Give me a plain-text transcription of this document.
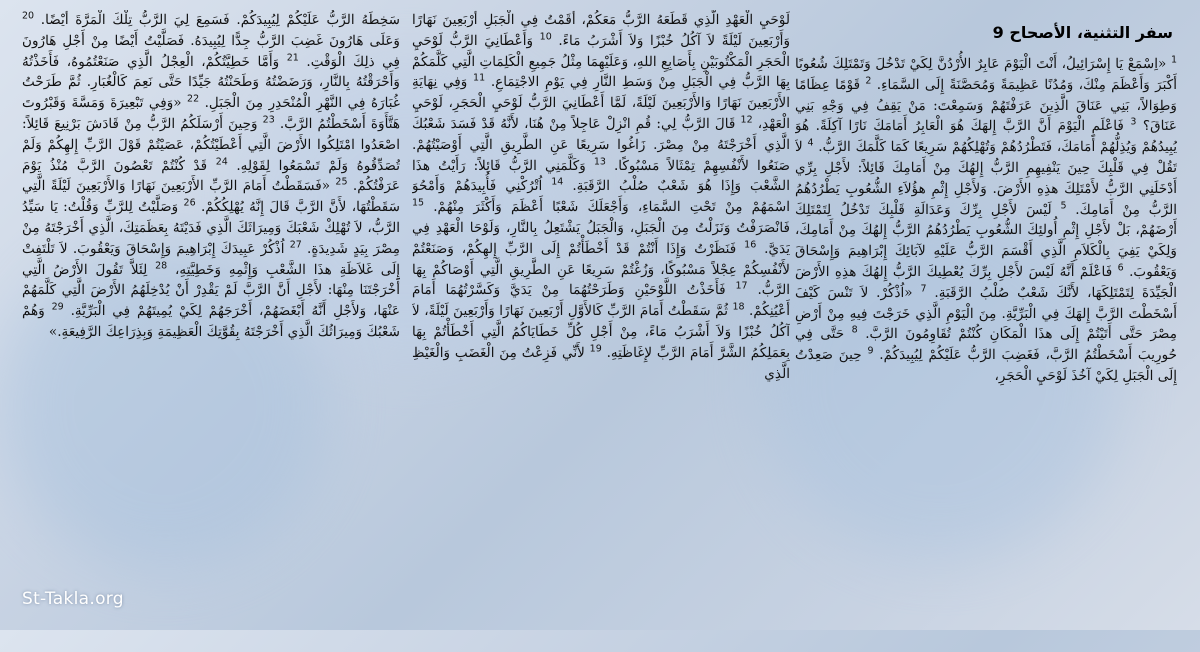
سفر التثنية، الأصحاح 9
$^1$ «اِسْمَعْ يَا إِسْرَائِيلُ، أَنْتَ الْيَوْمَ عَابِرٌ الأُرْدُنَّ لِكَيْ تَدْخُلَ وَتَمْتَلِكَ شُعُوبًا أَكْبَرَ وَأَعْظَمَ مِنْكَ، وَمُدُنًا عَظِيمَةً وَمُحَصَّنَةً إِلَى السَّمَاءِ. $^2$ قَوْمًا عِظَامًا وَطِوَالاً، بَنِي عَنَاقَ الَّذِينَ عَرَفْتَهُمْ وَسَمِعْتَ: مَنْ يَقِفُ فِي وَجْهِ بَنِي عَنَاقَ؟ $^3$ فَاعْلَمِ الْيَوْمَ أَنَّ الرَّبَّ إِلهَكَ هُوَ الْعَابِرُ أَمَامَكَ نَارًا آكِلَةً. هُوَ يُبِيدُهُمْ وَيُذِلُّهُمْ أَمَامَكَ، فَتَطْرُدُهُمْ وَتُهْلِكُهُمْ سَرِيعًا كَمَا كَلَّمَكَ الرَّبُّ. $^4$ لاَ تَقُلْ فِي قَلْبِكَ حِينَ يَنْفِيهِمِ الرَّبُّ إِلهُكَ مِنْ أَمَامِكَ قَائِلاً: لأَجْلِ بِرِّي أَدْخَلَنِي الرَّبُّ لأَمْتَلِكَ هذِهِ الأَرْضَ. وَلأَجْلِ إِثْمِ هؤُلاَءِ الشُّعُوبِ يَطْرُدُهُمُ الرَّبُّ مِنْ أَمَامِكَ. $^5$ لَيْسَ لأَجْلِ بِرِّكَ وَعَدَالَةِ قَلْبِكَ تَدْخُلُ لِتَمْتَلِكَ أَرْضَهُمْ، بَلْ لأَجْلِ إِثْمِ أُولئِكَ الشُّعُوبِ يَطْرُدُهُمُ الرَّبُّ إِلهُكَ مِنْ أَمَامِكَ، وَلِكَيْ يَفِيَ بِالْكَلاَمِ الَّذِي أَقْسَمَ الرَّبُّ عَلَيْهِ لآبَائِكَ إِبْرَاهِيمَ وَإِسْحَاقَ وَيَعْقُوبَ. $^6$ فَاعْلَمْ أَنَّهُ لَيْسَ لأَجْلِ بِرِّكَ يُعْطِيكَ الرَّبُّ إِلهُكَ هذِهِ الأَرْضَ الْجَيِّدَةَ لِتَمْتَلِكَهَا، لأَنَّكَ شَعْبٌ صُلْبُ الرَّقَبَةِ. $^7$ «اُذْكُرْ. لاَ تَنْسَ كَيْفَ أَسْخَطْتَ الرَّبَّ إِلهَكَ فِي الْبَرِّيَّةِ. مِنَ الْيَوْمِ الَّذِي خَرَجْتَ فِيهِ مِنْ أَرْضِ مِصْرَ حَتَّى أَتَيْتُمْ إِلَى هذَا الْمَكَانِ كُنْتُمْ تُقَاوِمُونَ الرَّبَّ. $^8$ حَتَّى فِي حُورِيبَ أَسْخَطْتُمُ الرَّبَّ، فَغَضِبَ الرَّبُّ عَلَيْكُمْ لِيُبِيدَكُمْ. $^9$ حِينَ صَعِدْتُ إِلَى الْجَبَلِ لِكَيْ آخُذَ لَوْحَيِ الْحَجَرِ،
لَوْحَيِ الْعَهْدِ الَّذِي قَطَعَهُ الرَّبُّ مَعَكُمْ، أَقَمْتُ فِي الْجَبَلِ أَرْبَعِينَ نَهَارًا وَأَرْبَعِينَ لَيْلَةً لاَ آكُلُ خُبْزًا وَلاَ أَشْرَبُ مَاءً. $^{10}$ وَأَعْطَانِيَ الرَّبُّ لَوْحَيِ الْحَجَرِ الْمَكْتُوبَيْنِ بِأَصَابِعِ اللهِ، وَعَلَيْهِمَا مِثْلُ جَمِيعِ الْكَلِمَاتِ الَّتِي كَلَّمَكُمْ بِهَا الرَّبُّ فِي الْجَبَلِ مِنْ وَسَطِ النَّارِ فِي يَوْمِ الاجْتِمَاعِ. $^{11}$ وَفِي نِهَايَةِ الأَرْبَعِينَ نَهَارًا وَالأَرْبَعِينَ لَيْلَةً، لَمَّا أَعْطَانِيَ الرَّبُّ لَوْحَيِ الْحَجَرِ، لَوْحَيِ الْعَهْدِ، $^{12}$ قَالَ الرَّبُّ لِي: قُمِ انْزِلْ عَاجِلاً مِنْ هُنَا، لأَنَّهُ قَدْ فَسَدَ شَعْبُكَ الَّذِي أَخْرَجْتَهُ مِنْ مِصْرَ. زَاغُوا سَرِيعًا عَنِ الطَّرِيقِ الَّتِي أَوْصَيْتُهُمْ. صَنَعُوا لأَنْفُسِهِمْ تِمْثَالاً مَسْبُوكًا. $^{13}$ وَكَلَّمَنِي الرَّبُّ قَائِلاً: رَأَيْتُ هذَا الشَّعْبَ وَإِذَا هُوَ شَعْبٌ صُلْبُ الرَّقَبَةِ. $^{14}$ اُتْرُكْنِي فَأُبِيدَهُمْ وَأَمْحُوَ اسْمَهُمْ مِنْ تَحْتِ السَّمَاءِ، وَأَجْعَلَكَ شَعْبًا أَعْظَمَ وَأَكْثَرَ مِنْهُمْ. $^{15}$ فَانْصَرَفْتُ وَنَزَلْتُ مِنَ الْجَبَلِ، وَالْجَبَلُ يَشْتَعِلُ بِالنَّارِ، وَلَوْحَا الْعَهْدِ فِي يَدَيَّ. $^{16}$ فَنَظَرْتُ وَإِذَا أَنْتُمْ قَدْ أَخْطَأْتُمْ إِلَى الرَّبِّ إِلهِكُمْ، وَصَنَعْتُمْ لأَنْفُسِكُمْ عِجْلاً مَسْبُوكًا، وَزُغْتُمْ سَرِيعًا عَنِ الطَّرِيقِ الَّتِي أَوْصَاكُمْ بِهَا الرَّبُّ. $^{17}$ فَأَخَذْتُ اللَّوْحَيْنِ وَطَرَحْتُهُمَا مِنْ يَدَيَّ وَكَسَّرْتُهُمَا أَمَامَ أَعْيُنِكُمْ. $^{18}$ ثُمَّ سَقَطْتُ أَمَامَ الرَّبِّ كَالأَوَّلِ أَرْبَعِينَ نَهَارًا وَأَرْبَعِينَ لَيْلَةً، لاَ آكُلُ خُبْزًا وَلاَ أَشْرَبُ مَاءً، مِنْ أَجْلِ كُلِّ خَطَايَاكُمُ الَّتِي أَخْطَأْتُمْ بِهَا بِعَمَلِكُمُ الشَّرَّ أَمَامَ الرَّبِّ لإِغَاظَتِهِ. $^{19}$ لأَنِّي فَزِعْتُ مِنَ الْغَضَبِ وَالْغَيْظِ الَّذِي
سَخِطَهُ الرَّبُّ عَلَيْكُمْ لِيُبِيدَكُمْ. فَسَمِعَ لِيَ الرَّبُّ تِلْكَ الْمَرَّةَ أَيْضًا. $^{20}$ وَعَلَى هَارُونَ غَضِبَ الرَّبُّ جِدًّا لِيُبِيدَهُ. فَصَلَّيْتُ أَيْضًا مِنْ أَجْلِ هَارُونَ فِي ذلِكَ الْوَقْتِ. $^{21}$ وَأَمَّا خَطِيَّتُكُمْ، الْعِجْلُ الَّذِي صَنَعْتُمُوهُ، فَأَخَذْتُهُ وَأَحْرَقْتُهُ بِالنَّارِ، وَرَضَضْتُهُ وَطَحَنْتُهُ جَيِّدًا حَتَّى نَعِمَ كَالْغُبَارِ. ثُمَّ طَرَحْتُ غُبَارَهُ فِي النَّهْرِ الْمُنْحَدِرِ مِنَ الْجَبَلِ. $^{22}$ «وَفِي تَبْعِيرَةَ وَمَسَّةَ وَقَبْرُوتَ هَتَّأَوَةَ أَسْخَطْتُمُ الرَّبَّ. $^{23}$ وَحِينَ أَرْسَلَكُمُ الرَّبُّ مِنْ قَادَشَ بَرْنِيعَ قَائِلاً: اصْعَدُوا امْتَلِكُوا الأَرْضَ الَّتِي أَعْطَيْتُكُمْ، عَصَيْتُمْ قَوْلَ الرَّبِّ إِلهِكُمْ وَلَمْ تُصَدِّقُوهُ وَلَمْ تَسْمَعُوا لِقَوْلِهِ. $^{24}$ قَدْ كُنْتُمْ تَعْصُونَ الرَّبَّ مُنْذُ يَوْمَ عَرَفْتُكُمْ. $^{25}$ «فَسَقَطْتُ أَمَامَ الرَّبِّ الأَرْبَعِينَ نَهَارًا وَالأَرْبَعِينَ لَيْلَةً الَّتِي سَقَطْتُهَا، لأَنَّ الرَّبَّ قَالَ إِنَّهُ يُهْلِكُكُمْ. $^{26}$ وَصَلَّيْتُ لِلرَّبِّ وَقُلْتُ: يَا سَيِّدُ الرَّبُّ، لاَ تُهْلِكْ شَعْبَكَ وَمِيرَاثَكَ الَّذِي فَدَيْتَهُ بِعَظَمَتِكَ، الَّذِي أَخْرَجْتَهُ مِنْ مِصْرَ بِيَدٍ شَدِيدَةٍ. $^{27}$ اُذْكُرْ عَبِيدَكَ إِبْرَاهِيمَ وَإِسْحَاقَ وَيَعْقُوبَ. لاَ تَلْتَفِتْ إِلَى غَلاَظَةِ هذَا الشَّعْبِ وَإِثْمِهِ وَخَطِيَّتِهِ، $^{28}$ لِئَلاَّ تَقُولَ الأَرْضُ الَّتِي أَخْرَجْتَنَا مِنْهَا: لأَجْلِ أَنَّ الرَّبَّ لَمْ يَقْدِرْ أَنْ يُدْخِلَهُمُ الأَرْضَ الَّتِي كَلَّمَهُمْ عَنْهَا، وَلأَجْلِ أَنَّهُ أَبْغَضَهُمْ، أَخْرَجَهُمْ لِكَيْ يُمِيتَهُمْ فِي الْبَرِّيَّةِ. $^{29}$ وَهُمْ شَعْبُكَ وَمِيرَاثُكَ الَّذِي أَخْرَجْتَهُ بِقُوَّتِكَ الْعَظِيمَةِ وَبِذِرَاعِكَ الرَّفِيعَةِ.»
St-Takla.org
